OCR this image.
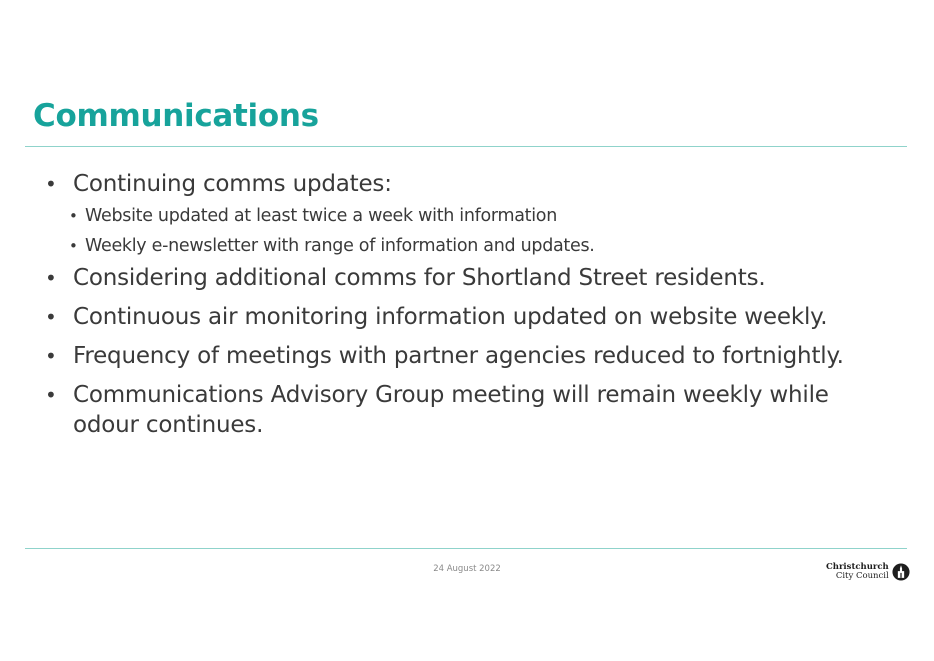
Communications
• Continuing comms updates:
• Website updated at least twice a week with information
• Weekly e-newsletter with range of information and updates.
• Considering additional comms for Shortland Street residents.
• Continuous air monitoring information updated on website weekly.
• Frequency of meetings with partner agencies reduced to fortnightly.
• Communications Advisory Group meeting will remain weekly while odour continues.
24 August 2022	Christchurch
City Council
